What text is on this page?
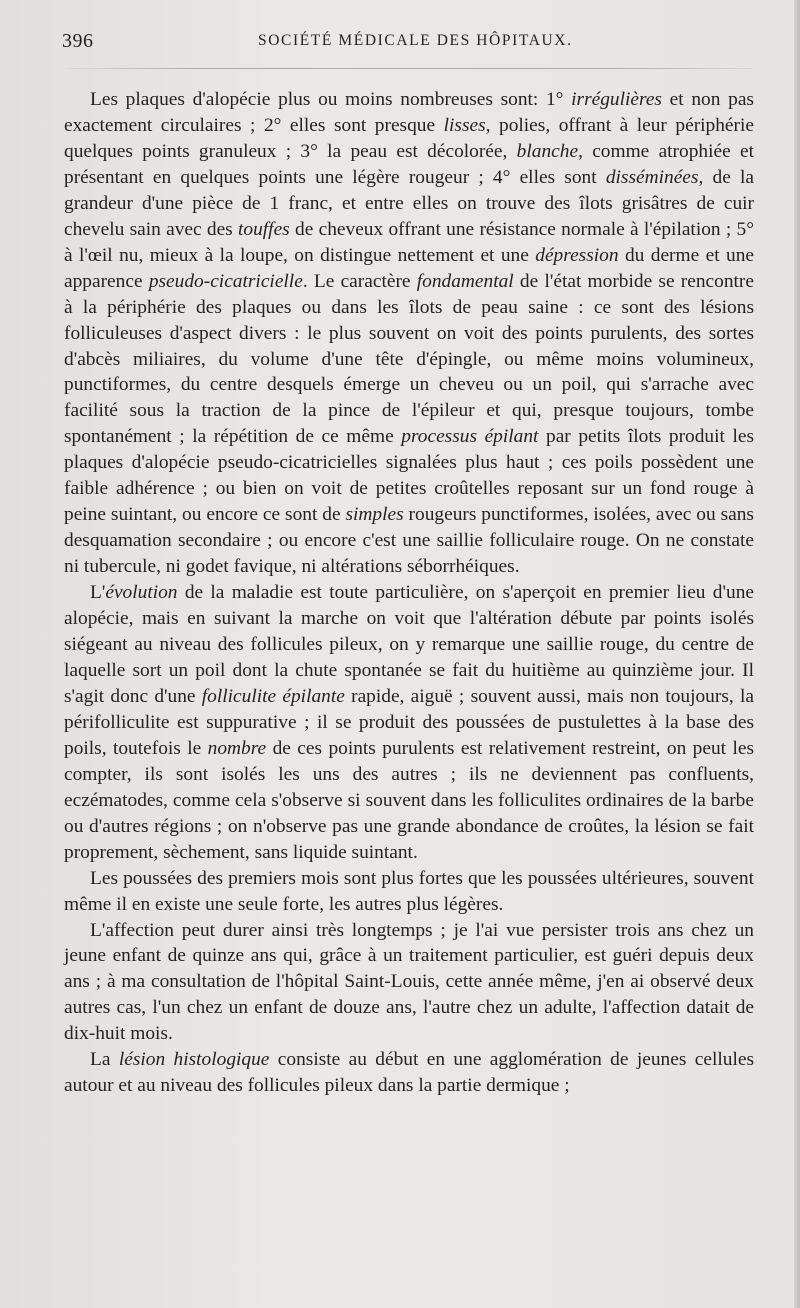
396	SOCIÉTÉ MÉDICALE DES HÔPITAUX.

Les plaques d'alopécie plus ou moins nombreuses sont: 1° irrégulières et non pas exactement circulaires ; 2° elles sont presque lisses, polies, offrant à leur périphérie quelques points granuleux ; 3° la peau est décolorée, blanche, comme atrophiée et présentant en quelques points une légère rougeur ; 4° elles sont disséminées, de la grandeur d'une pièce de 1 franc, et entre elles on trouve des îlots grisâtres de cuir chevelu sain avec des touffes de cheveux offrant une résistance normale à l'épilation ; 5° à l'œil nu, mieux à la loupe, on distingue nettement et une dépression du derme et une apparence pseudo-cicatricielle. Le caractère fondamental de l'état morbide se rencontre à la périphérie des plaques ou dans les îlots de peau saine : ce sont des lésions folliculeuses d'aspect divers : le plus souvent on voit des points purulents, des sortes d'abcès miliaires, du volume d'une tête d'épingle, ou même moins volumineux, punctiformes, du centre desquels émerge un cheveu ou un poil, qui s'arrache avec facilité sous la traction de la pince de l'épileur et qui, presque toujours, tombe spontanément ; la répétition de ce même processus épilant par petits îlots produit les plaques d'alopécie pseudo-cicatricielles signalées plus haut ; ces poils possèdent une faible adhérence ; ou bien on voit de petites croûtelles reposant sur un fond rouge à peine suintant, ou encore ce sont de simples rougeurs punctiformes, isolées, avec ou sans desquamation secondaire ; ou encore c'est une saillie folliculaire rouge. On ne constate ni tubercule, ni godet favique, ni altérations séborrhéiques.

L'évolution de la maladie est toute particulière, on s'aperçoit en premier lieu d'une alopécie, mais en suivant la marche on voit que l'altération débute par points isolés siégeant au niveau des follicules pileux, on y remarque une saillie rouge, du centre de laquelle sort un poil dont la chute spontanée se fait du huitième au quinzième jour. Il s'agit donc d'une folliculite épilante rapide, aiguë ; souvent aussi, mais non toujours, la périfolliculite est suppurative ; il se produit des poussées de pustulettes à la base des poils, toutefois le nombre de ces points purulents est relativement restreint, on peut les compter, ils sont isolés les uns des autres ; ils ne deviennent pas confluents, eczématodes, comme cela s'observe si souvent dans les folliculites ordinaires de la barbe ou d'autres régions ; on n'observe pas une grande abondance de croûtes, la lésion se fait proprement, sèchement, sans liquide suintant.

Les poussées des premiers mois sont plus fortes que les poussées ultérieures, souvent même il en existe une seule forte, les autres plus légères.

L'affection peut durer ainsi très longtemps ; je l'ai vue persister trois ans chez un jeune enfant de quinze ans qui, grâce à un traitement particulier, est guéri depuis deux ans ; à ma consultation de l'hôpital Saint-Louis, cette année même, j'en ai observé deux autres cas, l'un chez un enfant de douze ans, l'autre chez un adulte, l'affection datait de dix-huit mois.

La lésion histologique consiste au début en une agglomération de jeunes cellules autour et au niveau des follicules pileux dans la partie dermique ;
